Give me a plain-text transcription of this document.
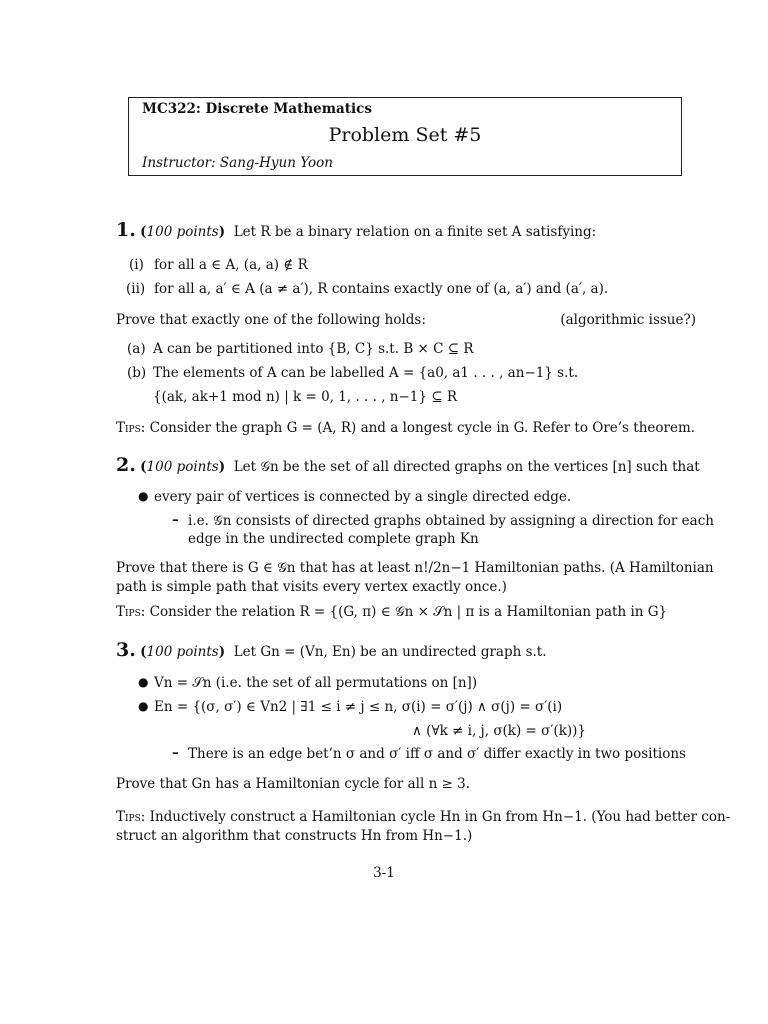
MC322: Discrete Mathematics
Problem Set #5
Instructor: Sang-Hyun Yoon
1. (100 points) Let R be a binary relation on a finite set A satisfying:
(i) for all a ∈ A, (a, a) ∉ R
(ii) for all a, a′ ∈ A (a ≠ a′), R contains exactly one of (a, a′) and (a′, a).
Prove that exactly one of the following holds:	(algorithmic issue?)
(a) A can be partitioned into {B, C} s.t. B × C ⊆ R
(b) The elements of A can be labelled A = {a0, a1 . . . , an−1} s.t.
{(ak, ak+1 mod n) | k = 0, 1, . . . , n−1} ⊆ R
Tips: Consider the graph G = (A, R) and a longest cycle in G. Refer to Ore’s theorem.
2. (100 points) Let 𝒢n be the set of all directed graphs on the vertices [n] such that
● every pair of vertices is connected by a single directed edge.
– i.e. 𝒢n consists of directed graphs obtained by assigning a direction for each
edge in the undirected complete graph Kn
Prove that there is G ∈ 𝒢n that has at least n!/2n−1 Hamiltonian paths. (A Hamiltonian
path is simple path that visits every vertex exactly once.)
Tips: Consider the relation R = {(G, π) ∈ 𝒢n × 𝒮n | π is a Hamiltonian path in G}
3. (100 points) Let Gn = (Vn, En) be an undirected graph s.t.
● Vn = 𝒮n (i.e. the set of all permutations on [n])
● En = {(σ, σ′) ∈ Vn2 | ∃1 ≤ i ≠ j ≤ n, σ(i) = σ′(j) ∧ σ(j) = σ′(i)
∧ (∀k ≠ i, j, σ(k) = σ′(k))}
– There is an edge bet’n σ and σ′ iff σ and σ′ differ exactly in two positions
Prove that Gn has a Hamiltonian cycle for all n ≥ 3.
Tips: Inductively construct a Hamiltonian cycle Hn in Gn from Hn−1. (You had better con-
struct an algorithm that constructs Hn from Hn−1.)
3-1
